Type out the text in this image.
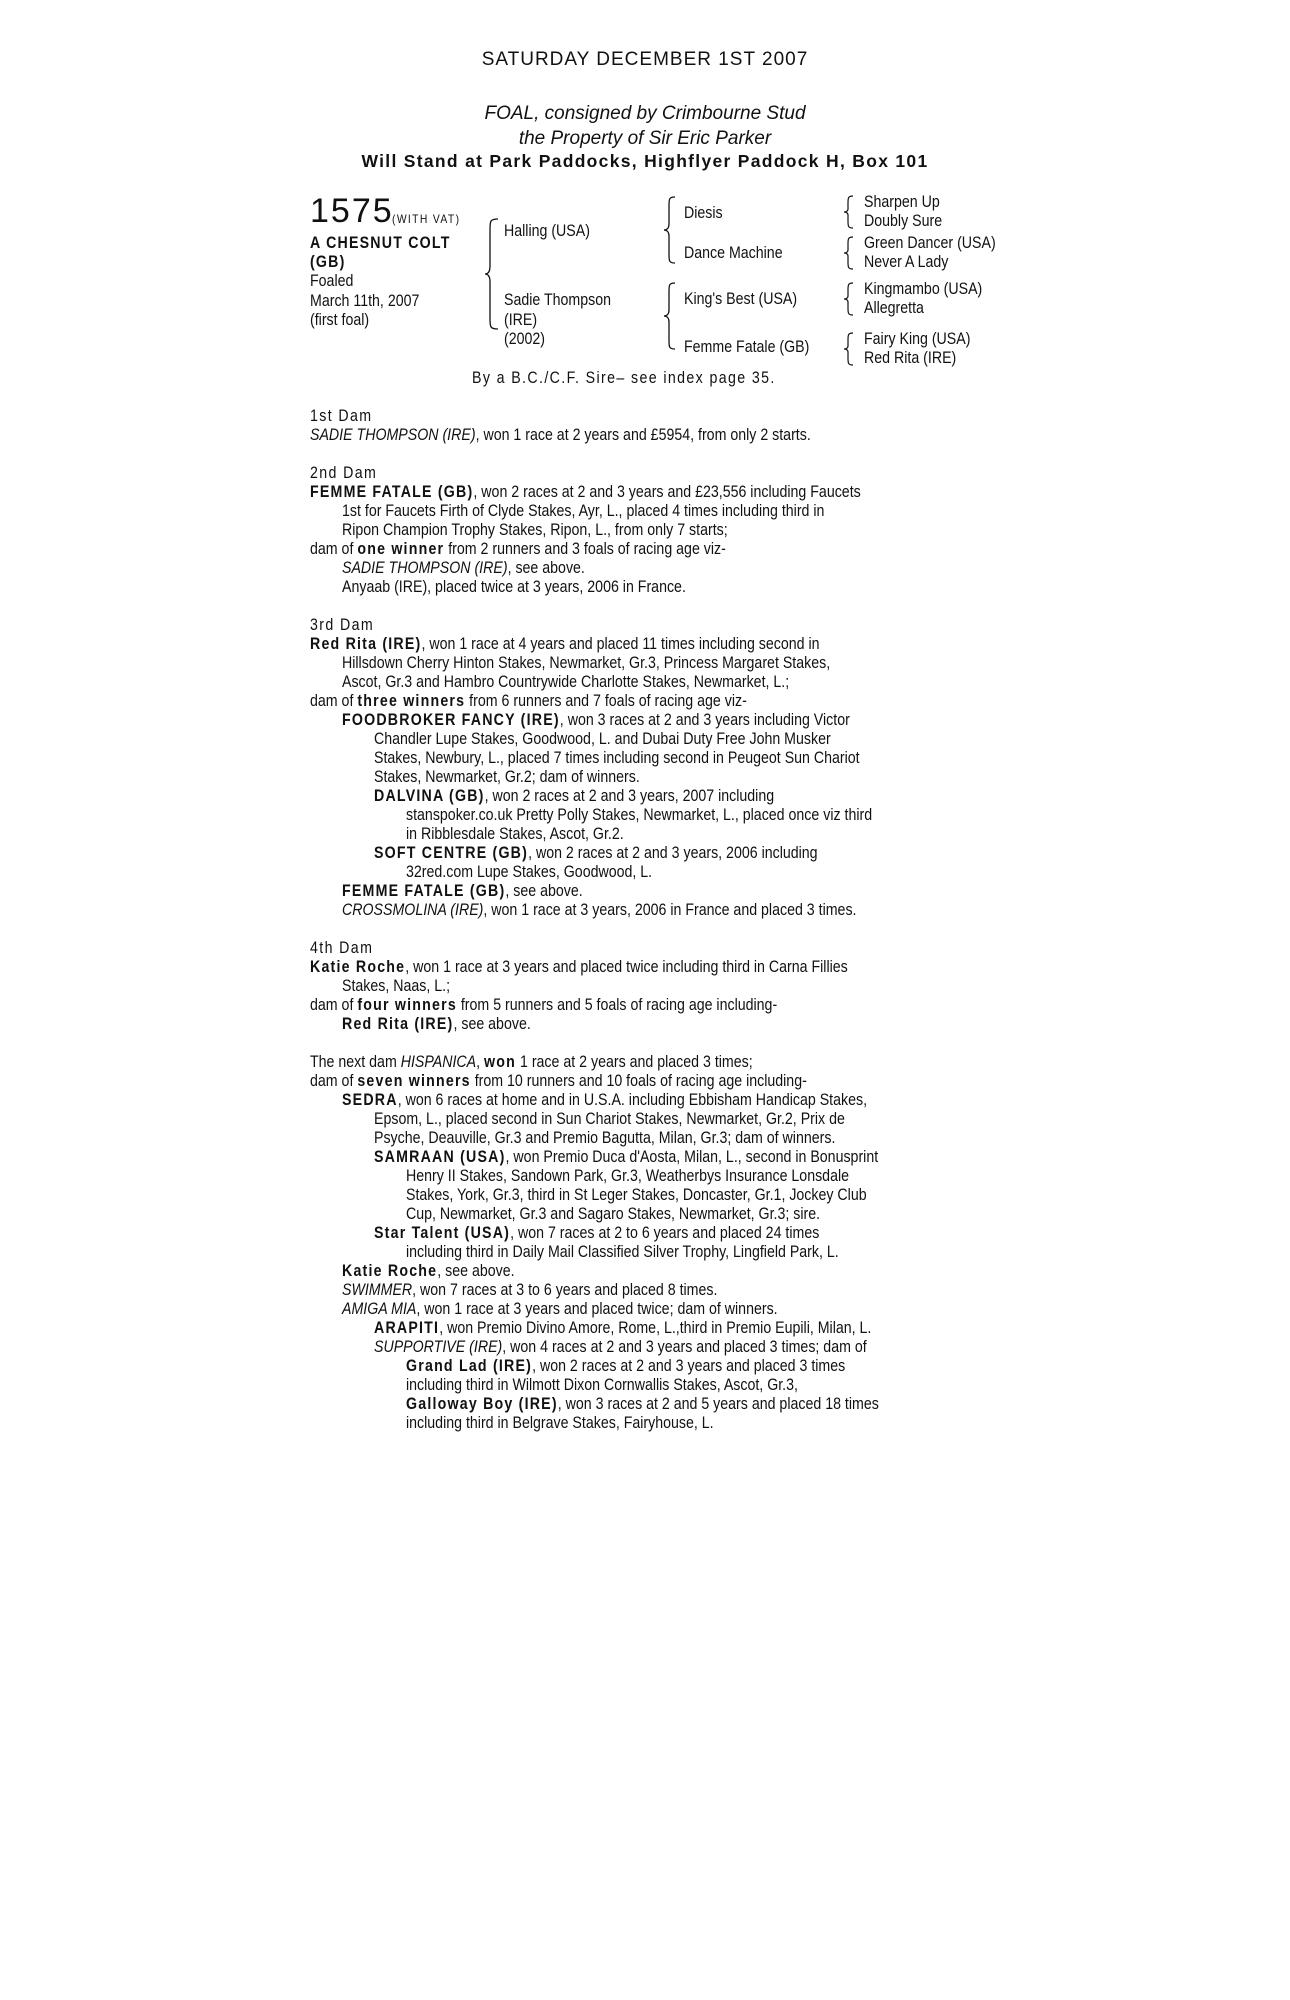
SATURDAY DECEMBER 1ST 2007
FOAL, consigned by Crimbourne Stud
the Property of Sir Eric Parker
Will Stand at Park Paddocks, Highflyer Paddock H, Box 101
1575
(WITH VAT)
A CHESNUT COLT
(GB)
Foaled
March 11th, 2007
(first foal)
Halling (USA)
Sadie Thompson
(IRE)
(2002)
Diesis
Dance Machine
King's Best (USA)
Femme Fatale (GB)
Sharpen Up
Doubly Sure
Green Dancer (USA)
Never A Lady
Kingmambo (USA)
Allegretta
Fairy King (USA)
Red Rita (IRE)
By a B.C./C.F. Sire– see index page 35.
1st Dam
SADIE THOMPSON (IRE), won 1 race at 2 years and £5954, from only 2 starts.
2nd Dam
FEMME FATALE (GB), won 2 races at 2 and 3 years and £23,556 including Faucets
1st for Faucets Firth of Clyde Stakes, Ayr, L., placed 4 times including third in
Ripon Champion Trophy Stakes, Ripon, L., from only 7 starts;
dam of one winner from 2 runners and 3 foals of racing age viz-
SADIE THOMPSON (IRE), see above.
Anyaab (IRE), placed twice at 3 years, 2006 in France.
3rd Dam
Red Rita (IRE), won 1 race at 4 years and placed 11 times including second in
Hillsdown Cherry Hinton Stakes, Newmarket, Gr.3, Princess Margaret Stakes,
Ascot, Gr.3 and Hambro Countrywide Charlotte Stakes, Newmarket, L.;
dam of three winners from 6 runners and 7 foals of racing age viz-
FOODBROKER FANCY (IRE), won 3 races at 2 and 3 years including Victor
Chandler Lupe Stakes, Goodwood, L. and Dubai Duty Free John Musker
Stakes, Newbury, L., placed 7 times including second in Peugeot Sun Chariot
Stakes, Newmarket, Gr.2; dam of winners.
DALVINA (GB), won 2 races at 2 and 3 years, 2007 including
stanspoker.co.uk Pretty Polly Stakes, Newmarket, L., placed once viz third
in Ribblesdale Stakes, Ascot, Gr.2.
SOFT CENTRE (GB), won 2 races at 2 and 3 years, 2006 including
32red.com Lupe Stakes, Goodwood, L.
FEMME FATALE (GB), see above.
CROSSMOLINA (IRE), won 1 race at 3 years, 2006 in France and placed 3 times.
4th Dam
Katie Roche, won 1 race at 3 years and placed twice including third in Carna Fillies
Stakes, Naas, L.;
dam of four winners from 5 runners and 5 foals of racing age including-
Red Rita (IRE), see above.
The next dam HISPANICA, won 1 race at 2 years and placed 3 times;
dam of seven winners from 10 runners and 10 foals of racing age including-
SEDRA, won 6 races at home and in U.S.A. including Ebbisham Handicap Stakes,
Epsom, L., placed second in Sun Chariot Stakes, Newmarket, Gr.2, Prix de
Psyche, Deauville, Gr.3 and Premio Bagutta, Milan, Gr.3; dam of winners.
SAMRAAN (USA), won Premio Duca d'Aosta, Milan, L., second in Bonusprint
Henry II Stakes, Sandown Park, Gr.3, Weatherbys Insurance Lonsdale
Stakes, York, Gr.3, third in St Leger Stakes, Doncaster, Gr.1, Jockey Club
Cup, Newmarket, Gr.3 and Sagaro Stakes, Newmarket, Gr.3; sire.
Star Talent (USA), won 7 races at 2 to 6 years and placed 24 times
including third in Daily Mail Classified Silver Trophy, Lingfield Park, L.
Katie Roche, see above.
SWIMMER, won 7 races at 3 to 6 years and placed 8 times.
AMIGA MIA, won 1 race at 3 years and placed twice; dam of winners.
ARAPITI, won Premio Divino Amore, Rome, L.,third in Premio Eupili, Milan, L.
SUPPORTIVE (IRE), won 4 races at 2 and 3 years and placed 3 times; dam of
Grand Lad (IRE), won 2 races at 2 and 3 years and placed 3 times
including third in Wilmott Dixon Cornwallis Stakes, Ascot, Gr.3,
Galloway Boy (IRE), won 3 races at 2 and 5 years and placed 18 times
including third in Belgrave Stakes, Fairyhouse, L.
